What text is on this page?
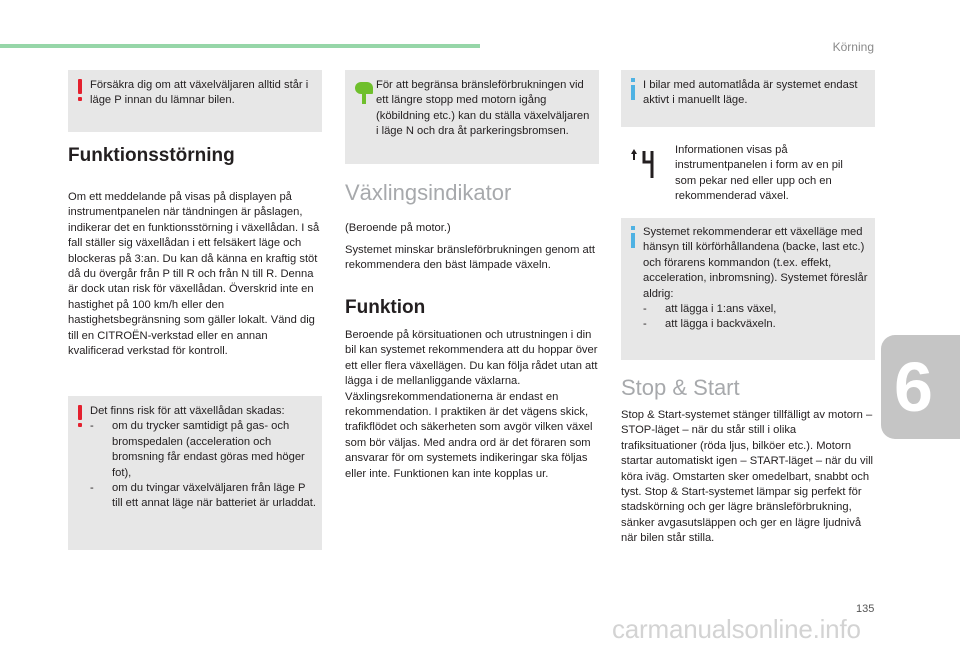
Körning
6

Försäkra dig om att växelväljaren alltid står i läge P innan du lämnar bilen.

Funktionsstörning

Om ett meddelande på visas på displayen på instrumentpanelen när tändningen är påslagen, indikerar det en funktionsstörning i växellådan. I så fall ställer sig växellådan i ett felsäkert läge och blockeras på 3:an. Du kan då känna en kraftig stöt då du övergår från P till R och från N till R. Denna är dock utan risk för växellådan. Överskrid inte en hastighet på 100 km/h eller den hastighetsbegränsning som gäller lokalt. Vänd dig till en CITROËN-verkstad eller en annan kvalificerad verkstad för kontroll.

Det finns risk för att växellådan skadas:

- om du trycker samtidigt på gas- och bromspedalen (acceleration och bromsning får endast göras med höger fot),
- om du tvingar växelväljaren från läge P till ett annat läge när batteriet är urladdat.

För att begränsa bränsleförbrukningen vid ett längre stopp med motorn igång (köbildning etc.) kan du ställa växelväljaren i läge N och dra åt parkeringsbromsen.

Växlingsindikator
(Beroende på motor.)
Systemet minskar bränsleförbrukningen genom att rekommendera den bäst lämpade växeln.
Funktion

Beroende på körsituationen och utrustningen i din bil kan systemet rekommendera att du hoppar över ett eller flera växellägen. Du kan följa rådet utan att lägga i de mellanliggande växlarna. Växlingsrekommendationerna är endast en rekommendation. I praktiken är det vägens skick, trafikflödet och säkerheten som avgör vilken växel som bör väljas. Med andra ord är det föraren som ansvarar för om systemets indikeringar ska följas eller inte. Funktionen kan inte kopplas ur.

I bilar med automatlåda är systemet endast aktivt i manuellt läge.

Informationen visas på instrumentpanelen i form av en pil som pekar ned eller upp och en rekommenderad växel.

Systemet rekommenderar ett växelläge med hänsyn till körförhållandena (backe, last etc.) och förarens kommandon (t.ex. effekt, acceleration, inbromsning). Systemet föreslår aldrig:

- att lägga i 1:ans växel,
- att lägga i backväxeln.
Stop & Start

Stop & Start-systemet stänger tillfälligt av motorn – STOP-läget – när du står still i olika trafiksituationer (röda ljus, bilköer etc.). Motorn startar automatiskt igen – START-läget – när du vill köra iväg. Omstarten sker omedelbart, snabbt och tyst. Stop & Start-systemet lämpar sig perfekt för stadskörning och ger lägre bränsleförbrukning, sänker avgasutsläppen och ger en lägre ljudnivå när bilen står stilla.

135
carmanualsonline.info
